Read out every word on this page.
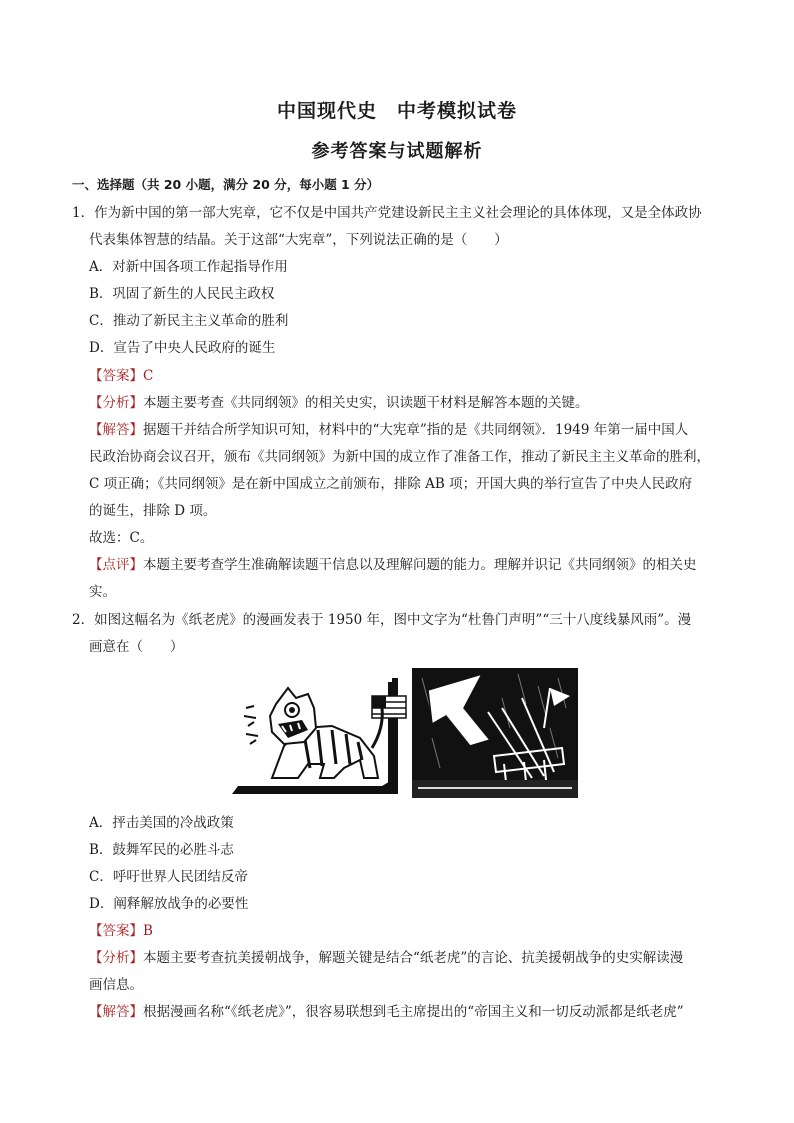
中国现代史　中考模拟试卷
参考答案与试题解析
一、选择题（共 20 小题，满分 20 分，每小题 1 分）
1．作为新中国的第一部大宪章，它不仅是中国共产党建设新民主主义社会理论的具体体现，又是全体政协
代表集体智慧的结晶。关于这部“大宪章”，下列说法正确的是（　　）
A．对新中国各项工作起指导作用
B．巩固了新生的人民民主政权
C．推动了新民主主义革命的胜利
D．宣告了中央人民政府的诞生
【答案】C
【分析】本题主要考查《共同纲领》的相关史实，识读题干材料是解答本题的关键。
【解答】据题干并结合所学知识可知，材料中的“大宪章”指的是《共同纲领》．1949 年第一届中国人
民政治协商会议召开，颁布《共同纲领》为新中国的成立作了准备工作，推动了新民主主义革命的胜利，
C 项正确；《共同纲领》是在新中国成立之前颁布，排除 AB 项；开国大典的举行宣告了中央人民政府
的诞生，排除 D 项。
故选：C。
【点评】本题主要考查学生准确解读题干信息以及理解问题的能力。理解并识记《共同纲领》的相关史
实。
2．如图这幅名为《纸老虎》的漫画发表于 1950 年，图中文字为“杜鲁门声明”“三十八度线暴风雨”。漫
画意在（　　）
A．抨击美国的冷战政策
B．鼓舞军民的必胜斗志
C．呼吁世界人民团结反帝
D．阐释解放战争的必要性
【答案】B
【分析】本题主要考查抗美援朝战争，解题关键是结合“纸老虎”的言论、抗美援朝战争的史实解读漫
画信息。
【解答】根据漫画名称“《纸老虎》”，很容易联想到毛主席提出的“帝国主义和一切反动派都是纸老虎”
